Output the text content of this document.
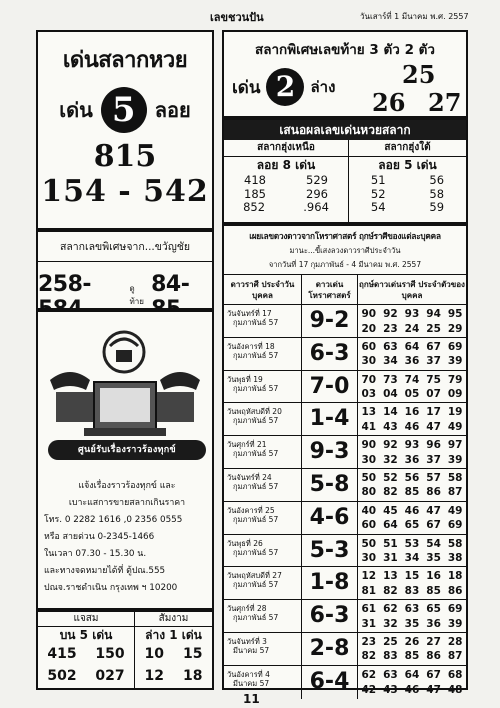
เลขชวนปัน	วันเสาร์ที่ 1 มีนาคม พ.ศ. 2557
เด่นสลากหวย
เด่น 5 ลอย
815
154 - 542
สลากเลขพิเศษจาก...ขวัญชัย
258-	ดูท้าย
84-
ศูนย์รับเรื่องราวร้องทุกข์
แจ้งเรื่องราวร้องทุกข์ และ
เบาะแสการขายสลากเกินราคา
โทร. 0 2282 1616 ,0 2356 0555
หรือ สายด่วน 0-2345-1466
ในเวลา 07.30 - 15.30 น.
และทางจดหมายได้ที่ ตู้ปณ.555
ปณจ.ราชดำเนิน กรุงเทพ ฯ 10200
แจสม
บน 5 เด่น
415 150
502 027
สัมงาม
ล่าง 1 เด่น
10 15
12 18
สลากพิเศษเลขท้าย 3 ตัว 2 ตัว
เด่น 2 ล่าง	25
26 27
เสนอผลเลขเด่นหวยสลาก
สลากฮุ่งเหนือ
ลอย 8 เด่น
418	529
185	296
852	.964
สลากฮุ่งใต้
ลอย 5 เด่น
51	56
52	58
54	59
เผยเลขดวงดาวจากโหราศาสตร์ ฤกษ์ราศีของแต่ละบุคคล
มานะ...ขี้เสงลวงดาวราศีประจำวัน
จากวันที่ 17 กุมภาพันธ์ - 4 มีนาคม พ.ศ. 2557
ดาวราศี ประจำวันบุคคล
ดาวเด่น โหราศาสตร์
ฤกษ์ดาวเด่นราศี ประจำตัวของบุคคล
วันจันทร์ที่ 17
กุมภาพันธ์ 57	9-2	90 92 93 94 95
20 23 24 25 29
วันอังคารที่ 18
กุมภาพันธ์ 57	6-3	60 63 64 67 69
30 34 36 37 39
วันพุธที่ 19
กุมภาพันธ์ 57	7-0	70 73 74 75 79
03 04 05 07 09
วันพฤหัสบดีที่ 20
กุมภาพันธ์ 57	1-4	13 14 16 17 19
41 43 46 47 49
วันศุกร์ที่ 21
กุมภาพันธ์ 57	9-3	90 92 93 96 97
30 32 36 37 39
วันจันทร์ที่ 24
กุมภาพันธ์ 57	5-8	50 52 56 57 58
80 82 85 86 87
วันอังคารที่ 25
กุมภาพันธ์ 57	4-6	40 45 46 47 49
60 64 65 67 69
วันพุธที่ 26
กุมภาพันธ์ 57	5-3	50 51 53 54 58
30 31 34 35 38
วันพฤหัสบดีที่ 27
กุมภาพันธ์ 57	1-8	12 13 15 16 18
81 82 83 85 86
วันศุกร์ที่ 28
กุมภาพันธ์ 57	6-3	61 62 63 65 69
31 32 35 36 39
วันจันทร์ที่ 3
มีนาคม 57	2-8	23 25 26 27 28
82 83 85 86 87
วันอังคารที่ 4
มีนาคม 57	6-4	62 63 64 67 68
42 43 46 47 48
11
